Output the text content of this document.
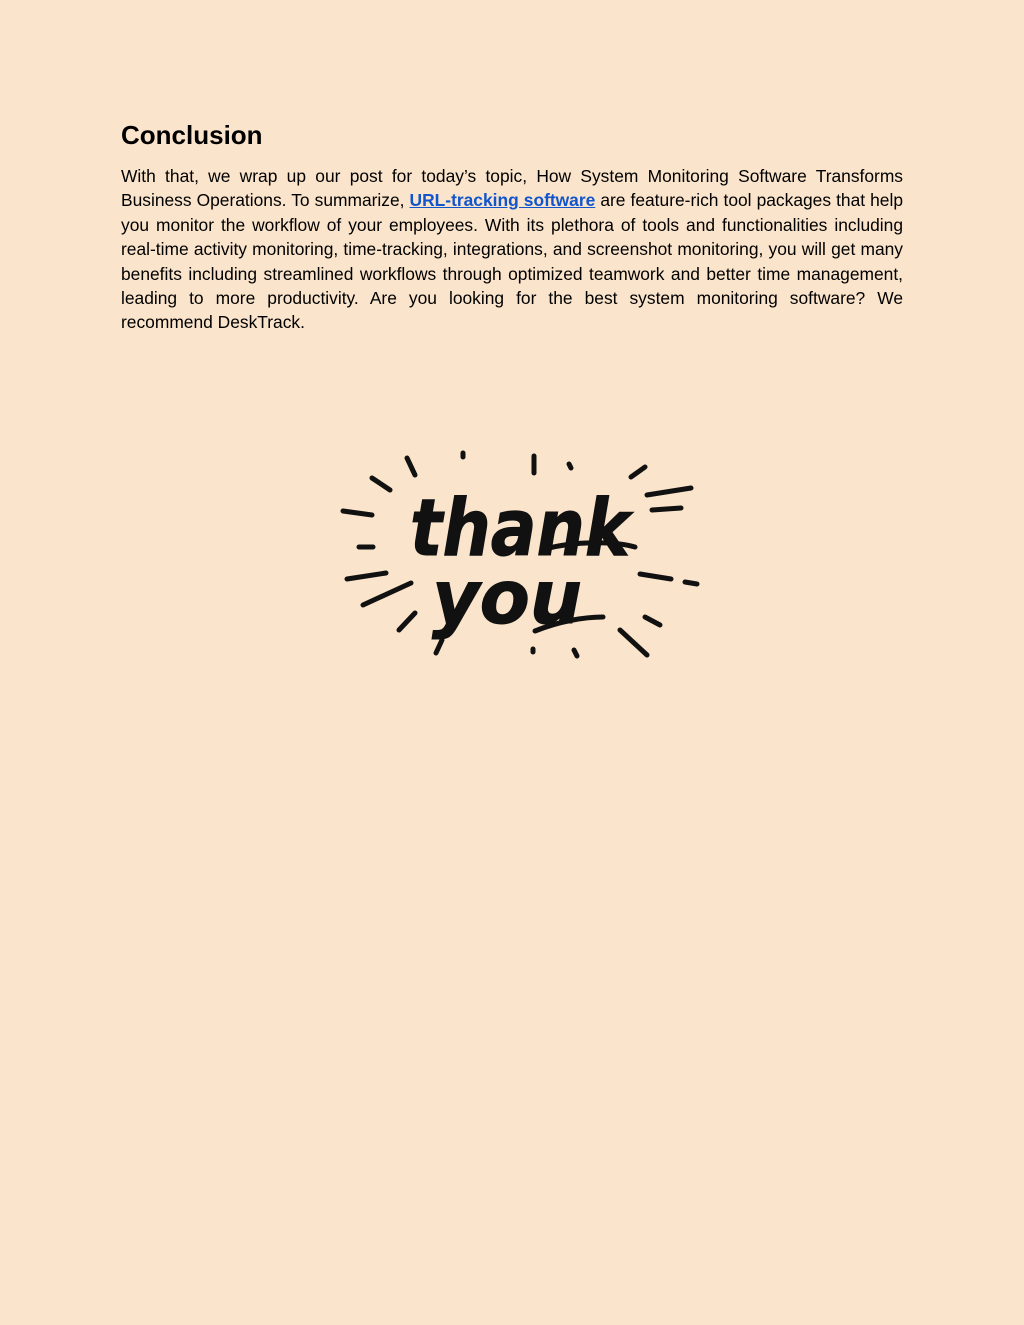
Conclusion

With that, we wrap up our post for today’s topic, How System Monitoring Software Transforms Business Operations. To summarize, URL-tracking software are feature-rich tool packages that help you monitor the workflow of your employees. With its plethora of tools and functionalities including real-time activity monitoring, time-tracking, integrations, and screenshot monitoring, you will get many benefits including streamlined workflows through optimized teamwork and better time management, leading to more productivity. Are you looking for the best system monitoring software? We recommend DeskTrack.

thank
you
